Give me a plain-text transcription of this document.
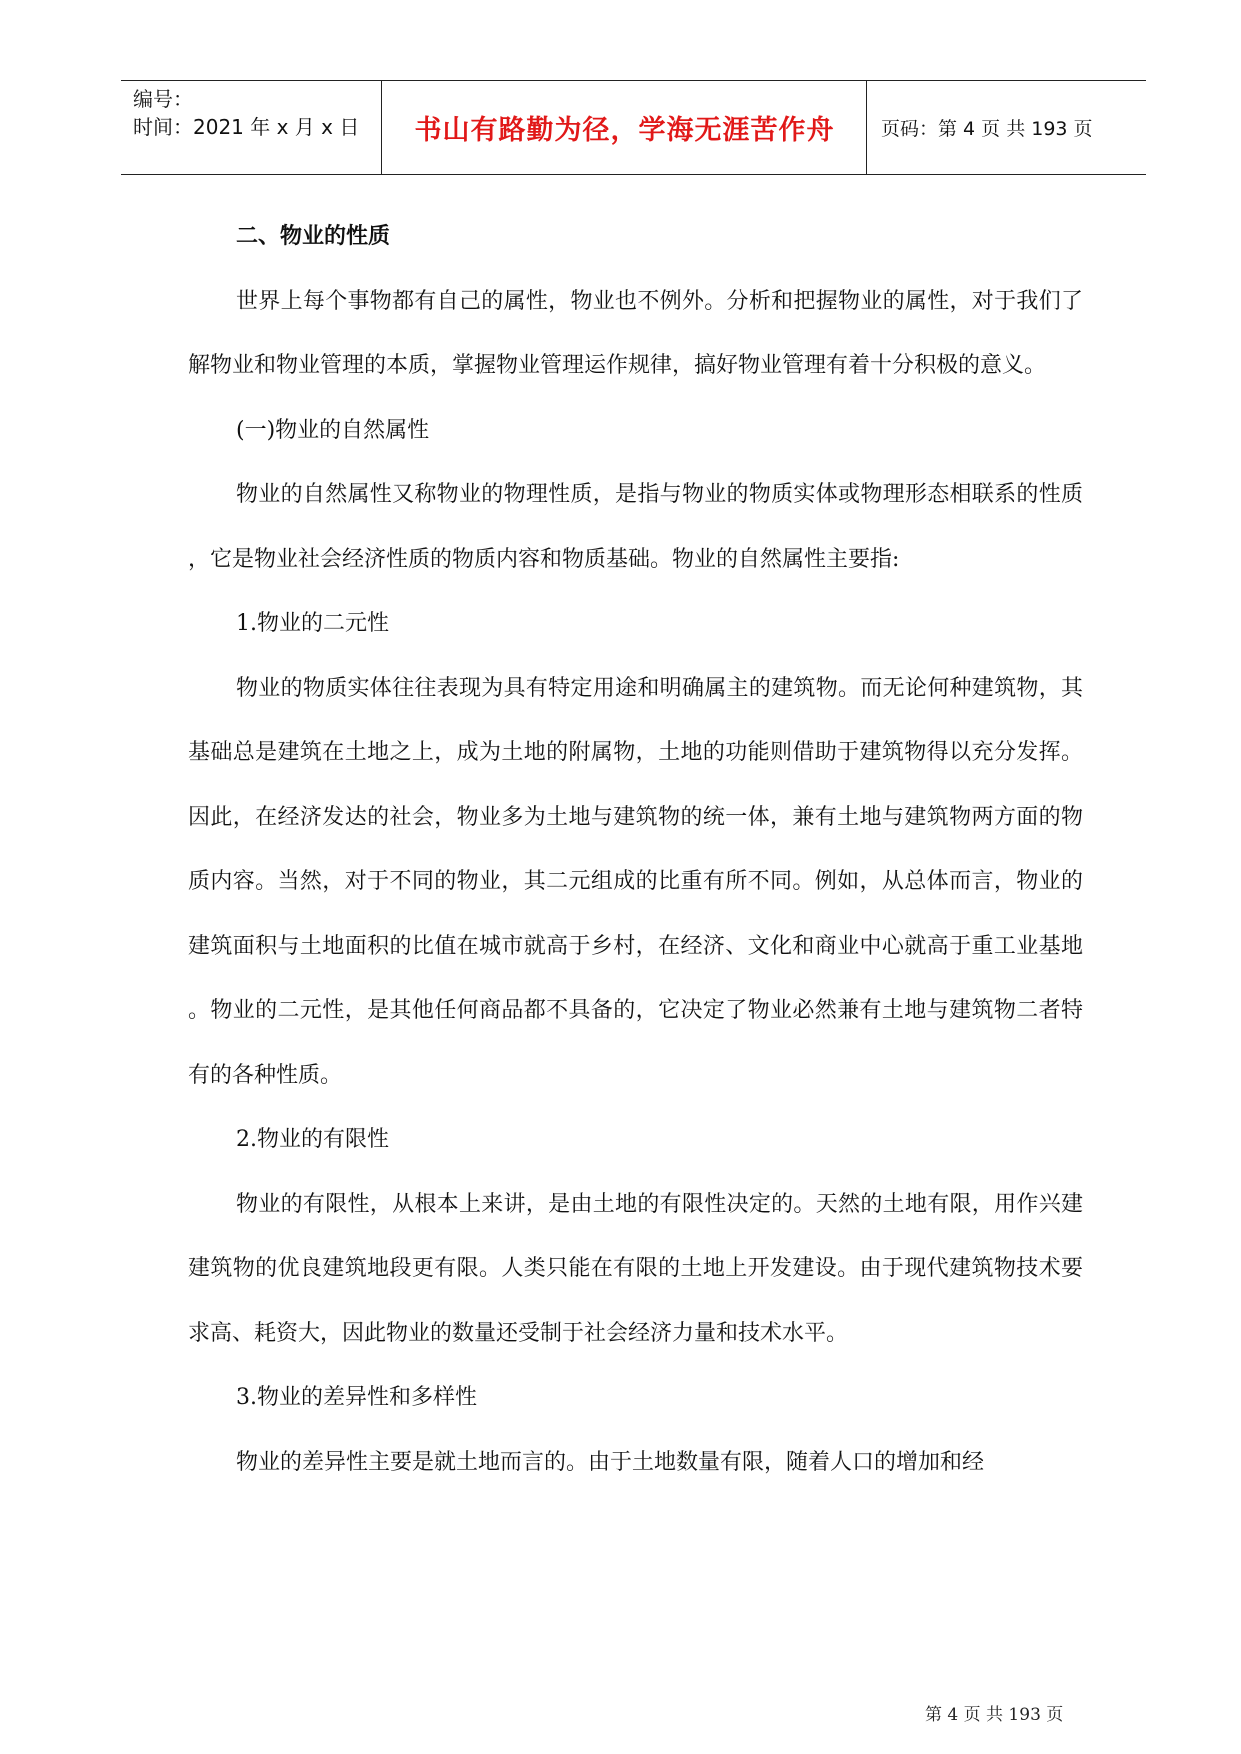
编号：
时间：2021 年 x 月 x 日	书山有路勤为径，学海无涯苦作舟	页码：第 4 页 共 193 页

二、物业的性质

世界上每个事物都有自己的属性，物业也不例外。分析和把握物业的属性，对于我们了 解物业和物业管理的本质，掌握物业管理运作规律，搞好物业管理有着十分积极的意义。

(一)物业的自然属性

物业的自然属性又称物业的物理性质，是指与物业的物质实体或物理形态相联系的性质 ，它是物业社会经济性质的物质内容和物质基础。物业的自然属性主要指:

1.物业的二元性

物业的物质实体往往表现为具有特定用途和明确属主的建筑物。而无论何种建筑物，其 基础总是建筑在土地之上，成为土地的附属物，土地的功能则借助于建筑物得以充分发挥。因此，在经济发达的社会，物业多为土地与建筑物的统一体，兼有土地与建筑物两方面的物 质内容。当然，对于不同的物业，其二元组成的比重有所不同。例如，从总体而言，物业的建筑面积与土地面积的比值在城市就高于乡村，在经济、文化和商业中心就高于重工业基地 。物业的二元性，是其他任何商品都不具备的，它决定了物业必然兼有土地与建筑物二者特有的各种性质。

2.物业的有限性

物业的有限性，从根本上来讲，是由土地的有限性决定的。天然的土地有限，用作兴建 建筑物的优良建筑地段更有限。人类只能在有限的土地上开发建设。由于现代建筑物技术要求高、耗资大，因此物业的数量还受制于社会经济力量和技术水平。

3.物业的差异性和多样性

物业的差异性主要是就土地而言的。由于土地数量有限，随着人口的增加和经

第 4 页 共 193 页
